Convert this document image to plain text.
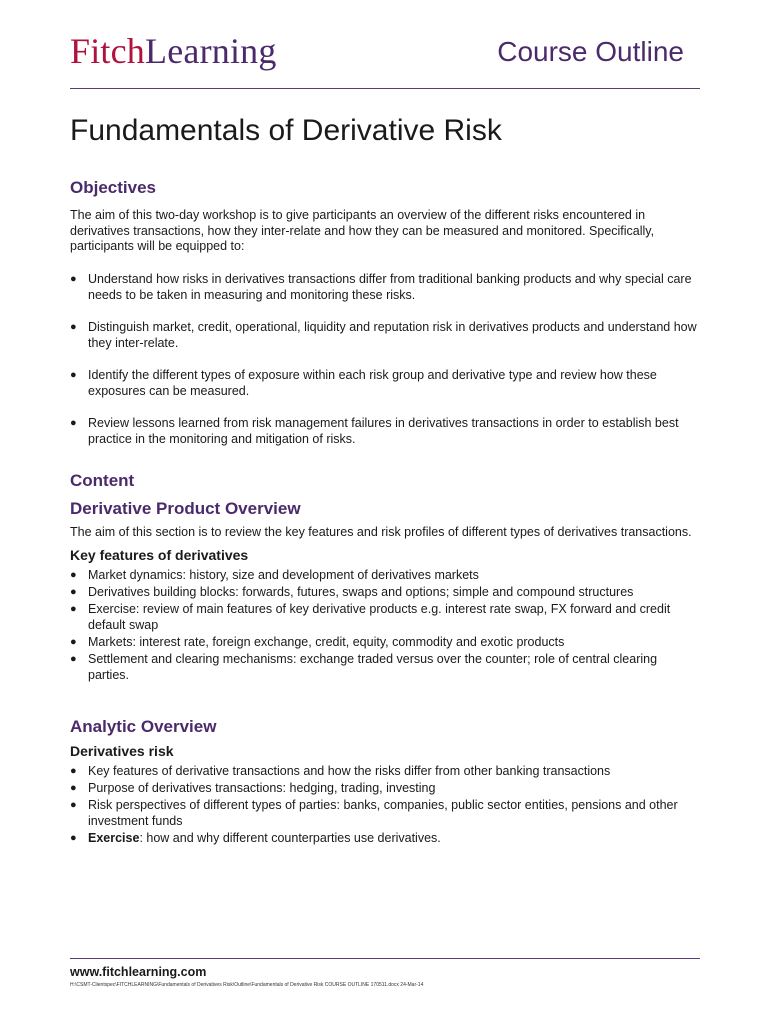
FitchLearning	Course Outline
Fundamentals of Derivative Risk
Objectives

The aim of this two-day workshop is to give participants an overview of the different risks encountered in derivatives transactions, how they inter-relate and how they can be measured and monitored. Specifically, participants will be equipped to:

● Understand how risks in derivatives transactions differ from traditional banking products and why special care needs to be taken in measuring and monitoring these risks.
● Distinguish market, credit, operational, liquidity and reputation risk in derivatives products and understand how they inter-relate.
● Identify the different types of exposure within each risk group and derivative type and review how these exposures can be measured.
● Review lessons learned from risk management failures in derivatives transactions in order to establish best practice in the monitoring and mitigation of risks.
Content
Derivative Product Overview

The aim of this section is to review the key features and risk profiles of different types of derivatives transactions.

Key features of derivatives
● Market dynamics: history, size and development of derivatives markets
● Derivatives building blocks: forwards, futures, swaps and options; simple and compound structures
● Exercise: review of main features of key derivative products e.g. interest rate swap, FX forward and credit default swap
● Markets: interest rate, foreign exchange, credit, equity, commodity and exotic products
● Settlement and clearing mechanisms: exchange traded versus over the counter; role of central clearing parties.
Analytic Overview
Derivatives risk
● Key features of derivative transactions and how the risks differ from other banking transactions
● Purpose of derivatives transactions: hedging, trading, investing
● Risk perspectives of different types of parties: banks, companies, public sector entities, pensions and other investment funds
● Exercise: how and why different counterparties use derivatives.
www.fitchlearning.com
H:\CSMT-Clientspec\FITCHLEARNING\Fundamentals of Derivatives Risk\Outline\Fundamentals of Derivative Risk COURSE OUTLINE 170511.docx 24-Mar-14
